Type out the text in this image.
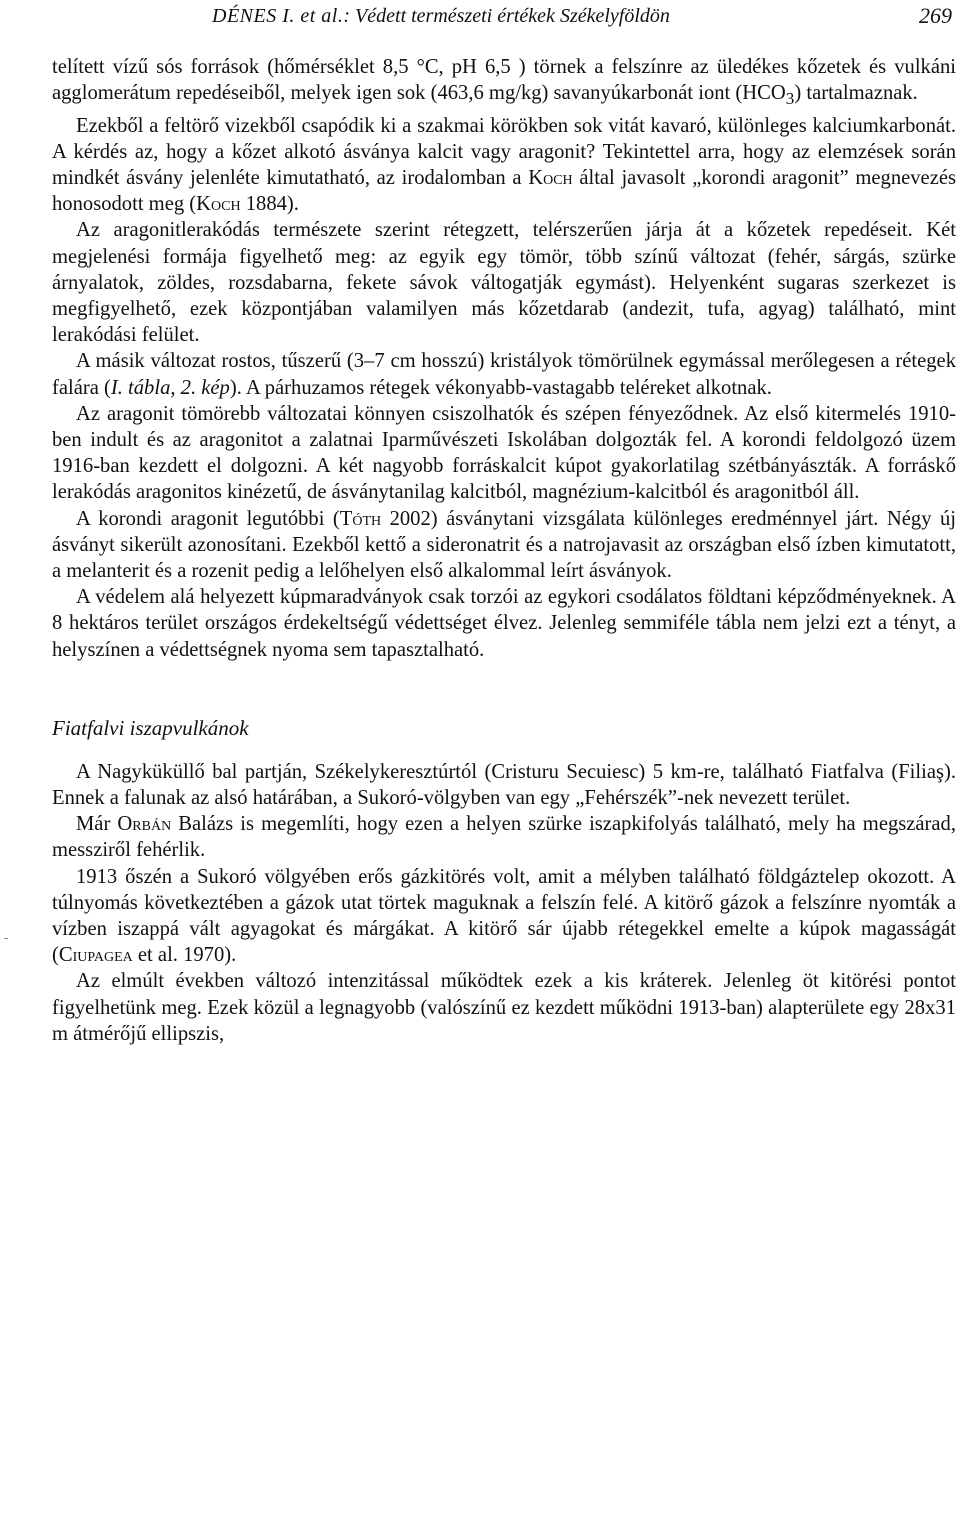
DÉNES I. et al.: Védett természeti értékek Székelyföldön	269

telített vízű sós források (hőmérséklet 8,5 °C, pH 6,5 ) törnek a felszínre az üledékes kőzetek és vulkáni agglomerátum repedéseiből, melyek igen sok (463,6 mg/kg) savanyúkarbonát iont $(HCO_3)$ tartalmaznak.

Ezekből a feltörő vizekből csapódik ki a szakmai körökben sok vitát kavaró, különleges kalciumkarbonát. A kérdés az, hogy a kőzet alkotó ásványa kalcit vagy aragonit? Tekintettel arra, hogy az elemzések során mindkét ásvány jelenléte kimutatható, az irodalomban a Koch által javasolt „korondi aragonit” megnevezés honosodott meg (Koch 1884).

Az aragonitlerakódás természete szerint rétegzett, telérszerűen járja át a kőzetek repedéseit. Két megjelenési formája figyelhető meg: az egyik egy tömör, több színű változat (fehér, sárgás, szürke árnyalatok, zöldes, rozsdabarna, fekete sávok váltogatják egymást). Helyenként sugaras szerkezet is megfigyelhető, ezek központjában valamilyen más kőzetdarab (andezit, tufa, agyag) található, mint lerakódási felület.

A másik változat rostos, tűszerű (3–7 cm hosszú) kristályok tömörülnek egymással merőlegesen a rétegek falára (I. tábla, 2. kép). A párhuzamos rétegek vékonyabb-vastagabb teléreket alkotnak.

Az aragonit tömörebb változatai könnyen csiszolhatók és szépen fényeződnek. Az első kitermelés 1910-ben indult és az aragonitot a zalatnai Iparművészeti Iskolában dolgozták fel. A korondi feldolgozó üzem 1916-ban kezdett el dolgozni. A két nagyobb forráskalcit kúpot gyakorlatilag szétbányászták. A forráskő lerakódás aragonitos kinézetű, de ásványtanilag kalcitból, magnézium-kalcitból és aragonitból áll.

A korondi aragonit legutóbbi (Tóth 2002) ásványtani vizsgálata különleges eredménnyel járt. Négy új ásványt sikerült azonosítani. Ezekből kettő a sideronatrit és a natrojavasit az országban első ízben kimutatott, a melanterit és a rozenit pedig a lelőhelyen első alkalommal leírt ásványok.

A védelem alá helyezett kúpmaradványok csak torzói az egykori csodálatos földtani képződményeknek. A 8 hektáros terület országos érdekeltségű védettséget élvez. Jelenleg semmiféle tábla nem jelzi ezt a tényt, a helyszínen a védettségnek nyoma sem tapasztalható.

Fiatfalvi iszapvulkánok

A Nagyküküllő bal partján, Székelykeresztúrtól (Cristuru Secuiesc) 5 km-re, található Fiatfalva (Filiaş). Ennek a falunak az alsó határában, a Sukoró-völgyben van egy „Fehérszék”-nek nevezett terület.

Már Orbán Balázs is megemlíti, hogy ezen a helyen szürke iszapkifolyás található, mely ha megszárad, messziről fehérlik.

1913 őszén a Sukoró völgyében erős gázkitörés volt, amit a mélyben található földgáztelep okozott. A túlnyomás következtében a gázok utat törtek maguknak a felszín felé. A kitörő gázok a felszínre nyomták a vízben iszappá vált agyagokat és márgákat. A kitörő sár újabb rétegekkel emelte a kúpok magasságát (Ciupagea et al. 1970).

Az elmúlt években változó intenzitással működtek ezek a kis kráterek. Jelenleg öt kitörési pontot figyelhetünk meg. Ezek közül a legnagyobb (valószínű ez kezdett működni 1913-ban) alapterülete egy 28x31 m átmérőjű ellipszis,
